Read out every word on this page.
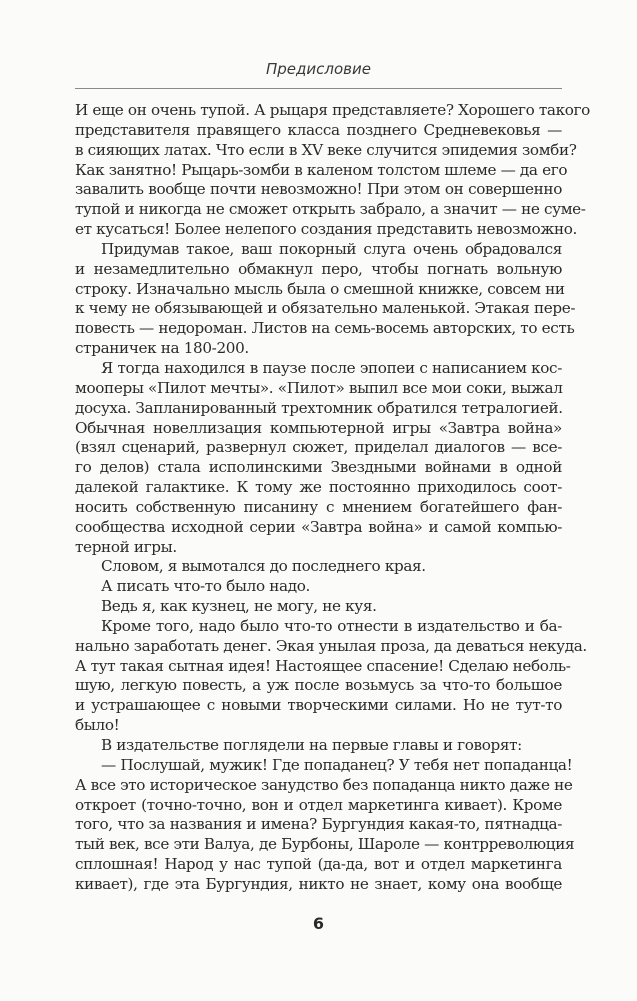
Предисловие
И еще он очень тупой. А рыцаря представляете? Хорошего такого
представителя правящего класса позднего Средневековья —
в сияющих латах. Что если в XV веке случится эпидемия зомби?
Как занятно! Рыцарь-зомби в каленом толстом шлеме — да его
завалить вообще почти невозможно! При этом он совершенно
тупой и никогда не сможет открыть забрало, а значит — не суме-
ет кусаться! Более нелепого создания представить невозможно.
Придумав такое, ваш покорный слуга очень обрадовался
и незамедлительно обмакнул перо, чтобы погнать вольную
строку. Изначально мысль была о смешной книжке, совсем ни
к чему не обязывающей и обязательно маленькой. Этакая пере-
повесть — недороман. Листов на семь-восемь авторских, то есть
страничек на 180-200.
Я тогда находился в паузе после эпопеи с написанием кос-
мооперы «Пилот мечты». «Пилот» выпил все мои соки, выжал
досуха. Запланированный трехтомник обратился тетралогией.
Обычная новеллизация компьютерной игры «Завтра война»
(взял сценарий, развернул сюжет, приделал диалогов — все-
го делов) стала исполинскими Звездными войнами в одной
далекой галактике. К тому же постоянно приходилось соот-
носить собственную писанину с мнением богатейшего фан-
сообщества исходной серии «Завтра война» и самой компью-
терной игры.
Словом, я вымотался до последнего края.
А писать что-то было надо.
Ведь я, как кузнец, не могу, не куя.
Кроме того, надо было что-то отнести в издательство и ба-
нально заработать денег. Экая унылая проза, да деваться некуда.
А тут такая сытная идея! Настоящее спасение! Сделаю неболь-
шую, легкую повесть, а уж после возьмусь за что-то большое
и устрашающее с новыми творческими силами. Но не тут-то
было!
В издательстве поглядели на первые главы и говорят:
— Послушай, мужик! Где попаданец? У тебя нет попаданца!
А все это историческое занудство без попаданца никто даже не
откроет (точно-точно, вон и отдел маркетинга кивает). Кроме
того, что за названия и имена? Бургундия какая-то, пятнадца-
тый век, все эти Валуа, де Бурбоны, Шароле — контрреволюция
сплошная! Народ у нас тупой (да-да, вот и отдел маркетинга
кивает), где эта Бургундия, никто не знает, кому она вообще
6
